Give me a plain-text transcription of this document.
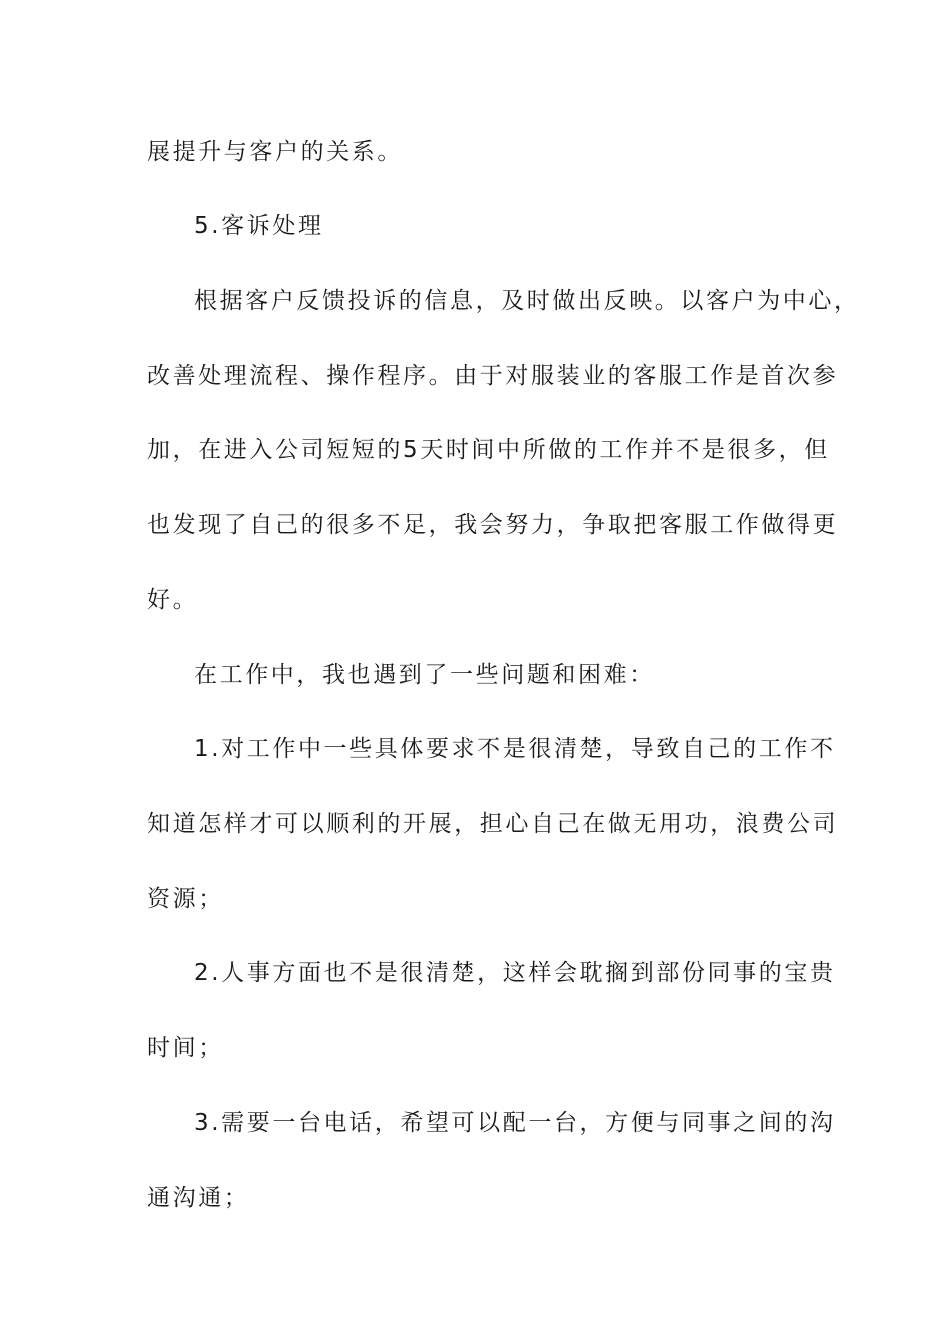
展提升与客户的关系。
5.客诉处理
根据客户反馈投诉的信息，及时做出反映。以客户为中心，
改善处理流程、操作程序。由于对服装业的客服工作是首次参
加，在进入公司短短的5天时间中所做的工作并不是很多，但
也发现了自己的很多不足，我会努力，争取把客服工作做得更
好。
在工作中，我也遇到了一些问题和困难：
1.对工作中一些具体要求不是很清楚，导致自己的工作不
知道怎样才可以顺利的开展，担心自己在做无用功，浪费公司
资源；
2.人事方面也不是很清楚，这样会耽搁到部份同事的宝贵
时间；
3.需要一台电话，希望可以配一台，方便与同事之间的沟
通沟通；
